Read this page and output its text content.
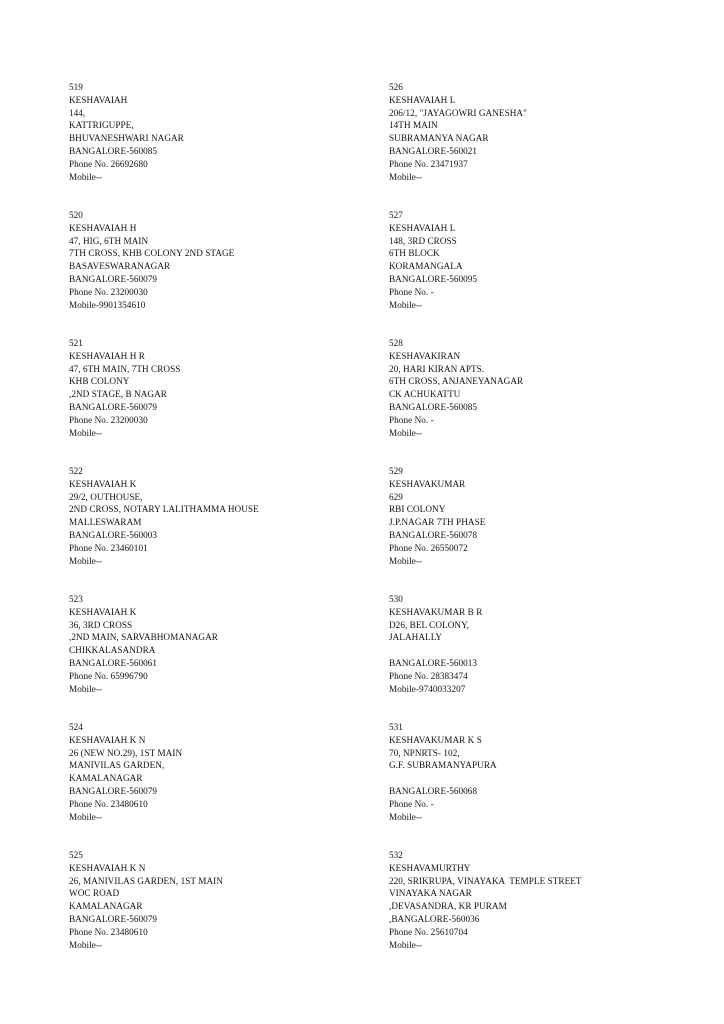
519
KESHAVAIAH
144,
KATTRIGUPPE,
BHUVANESHWARI NAGAR
BANGALORE-560085
Phone No. 26692680
Mobile--
520
KESHAVAIAH H
47, HIG, 6TH MAIN
7TH CROSS, KHB COLONY 2ND STAGE
BASAVESWARANAGAR
BANGALORE-560079
Phone No. 23200030
Mobile-9901354610
521
KESHAVAIAH H R
47, 6TH MAIN, 7TH CROSS
KHB COLONY
,2ND STAGE, B NAGAR
BANGALORE-560079
Phone No. 23200030
Mobile--
522
KESHAVAIAH K
29/2, OUTHOUSE,
2ND CROSS, NOTARY LALITHAMMA HOUSE
MALLESWARAM
BANGALORE-560003
Phone No. 23460101
Mobile--
523
KESHAVAIAH K
36, 3RD CROSS
,2ND MAIN, SARVABHOMANAGAR
CHIKKALASANDRA
BANGALORE-560061
Phone No. 65996790
Mobile--
524
KESHAVAIAH K N
26 (NEW NO.29), 1ST MAIN
MANIVILAS GARDEN,
KAMALANAGAR
BANGALORE-560079
Phone No. 23480610
Mobile--
525
KESHAVAIAH K N
26, MANIVILAS GARDEN, 1ST MAIN
WOC ROAD
KAMALANAGAR
BANGALORE-560079
Phone No. 23480610
Mobile--
526
KESHAVAIAH L
206/12, "JAYAGOWRI GANESHA"
14TH MAIN
SUBRAMANYA NAGAR
BANGALORE-560021
Phone No. 23471937
Mobile--
527
KESHAVAIAH L
148, 3RD CROSS
6TH BLOCK
KORAMANGALA
BANGALORE-560095
Phone No. -
Mobile--
528
KESHAVAKIRAN
20, HARI KIRAN APTS.
6TH CROSS, ANJANEYANAGAR
CK ACHUKATTU
BANGALORE-560085
Phone No. -
Mobile--
529
KESHAVAKUMAR
629
RBI COLONY
J.P.NAGAR 7TH PHASE
BANGALORE-560078
Phone No. 26550072
Mobile--
530
KESHAVAKUMAR B R
D26, BEL COLONY,
JALAHALLY
BANGALORE-560013
Phone No. 28383474
Mobile-9740033207
531
KESHAVAKUMAR K S
70, NPNRTS- 102,
G.F. SUBRAMANYAPURA
BANGALORE-560068
Phone No. -
Mobile--
532
KESHAVAMURTHY
220, SRIKRUPA, VINAYAKA  TEMPLE STREET
VINAYAKA NAGAR
,DEVASANDRA, KR PURAM
,BANGALORE-560036
Phone No. 25610704
Mobile--
